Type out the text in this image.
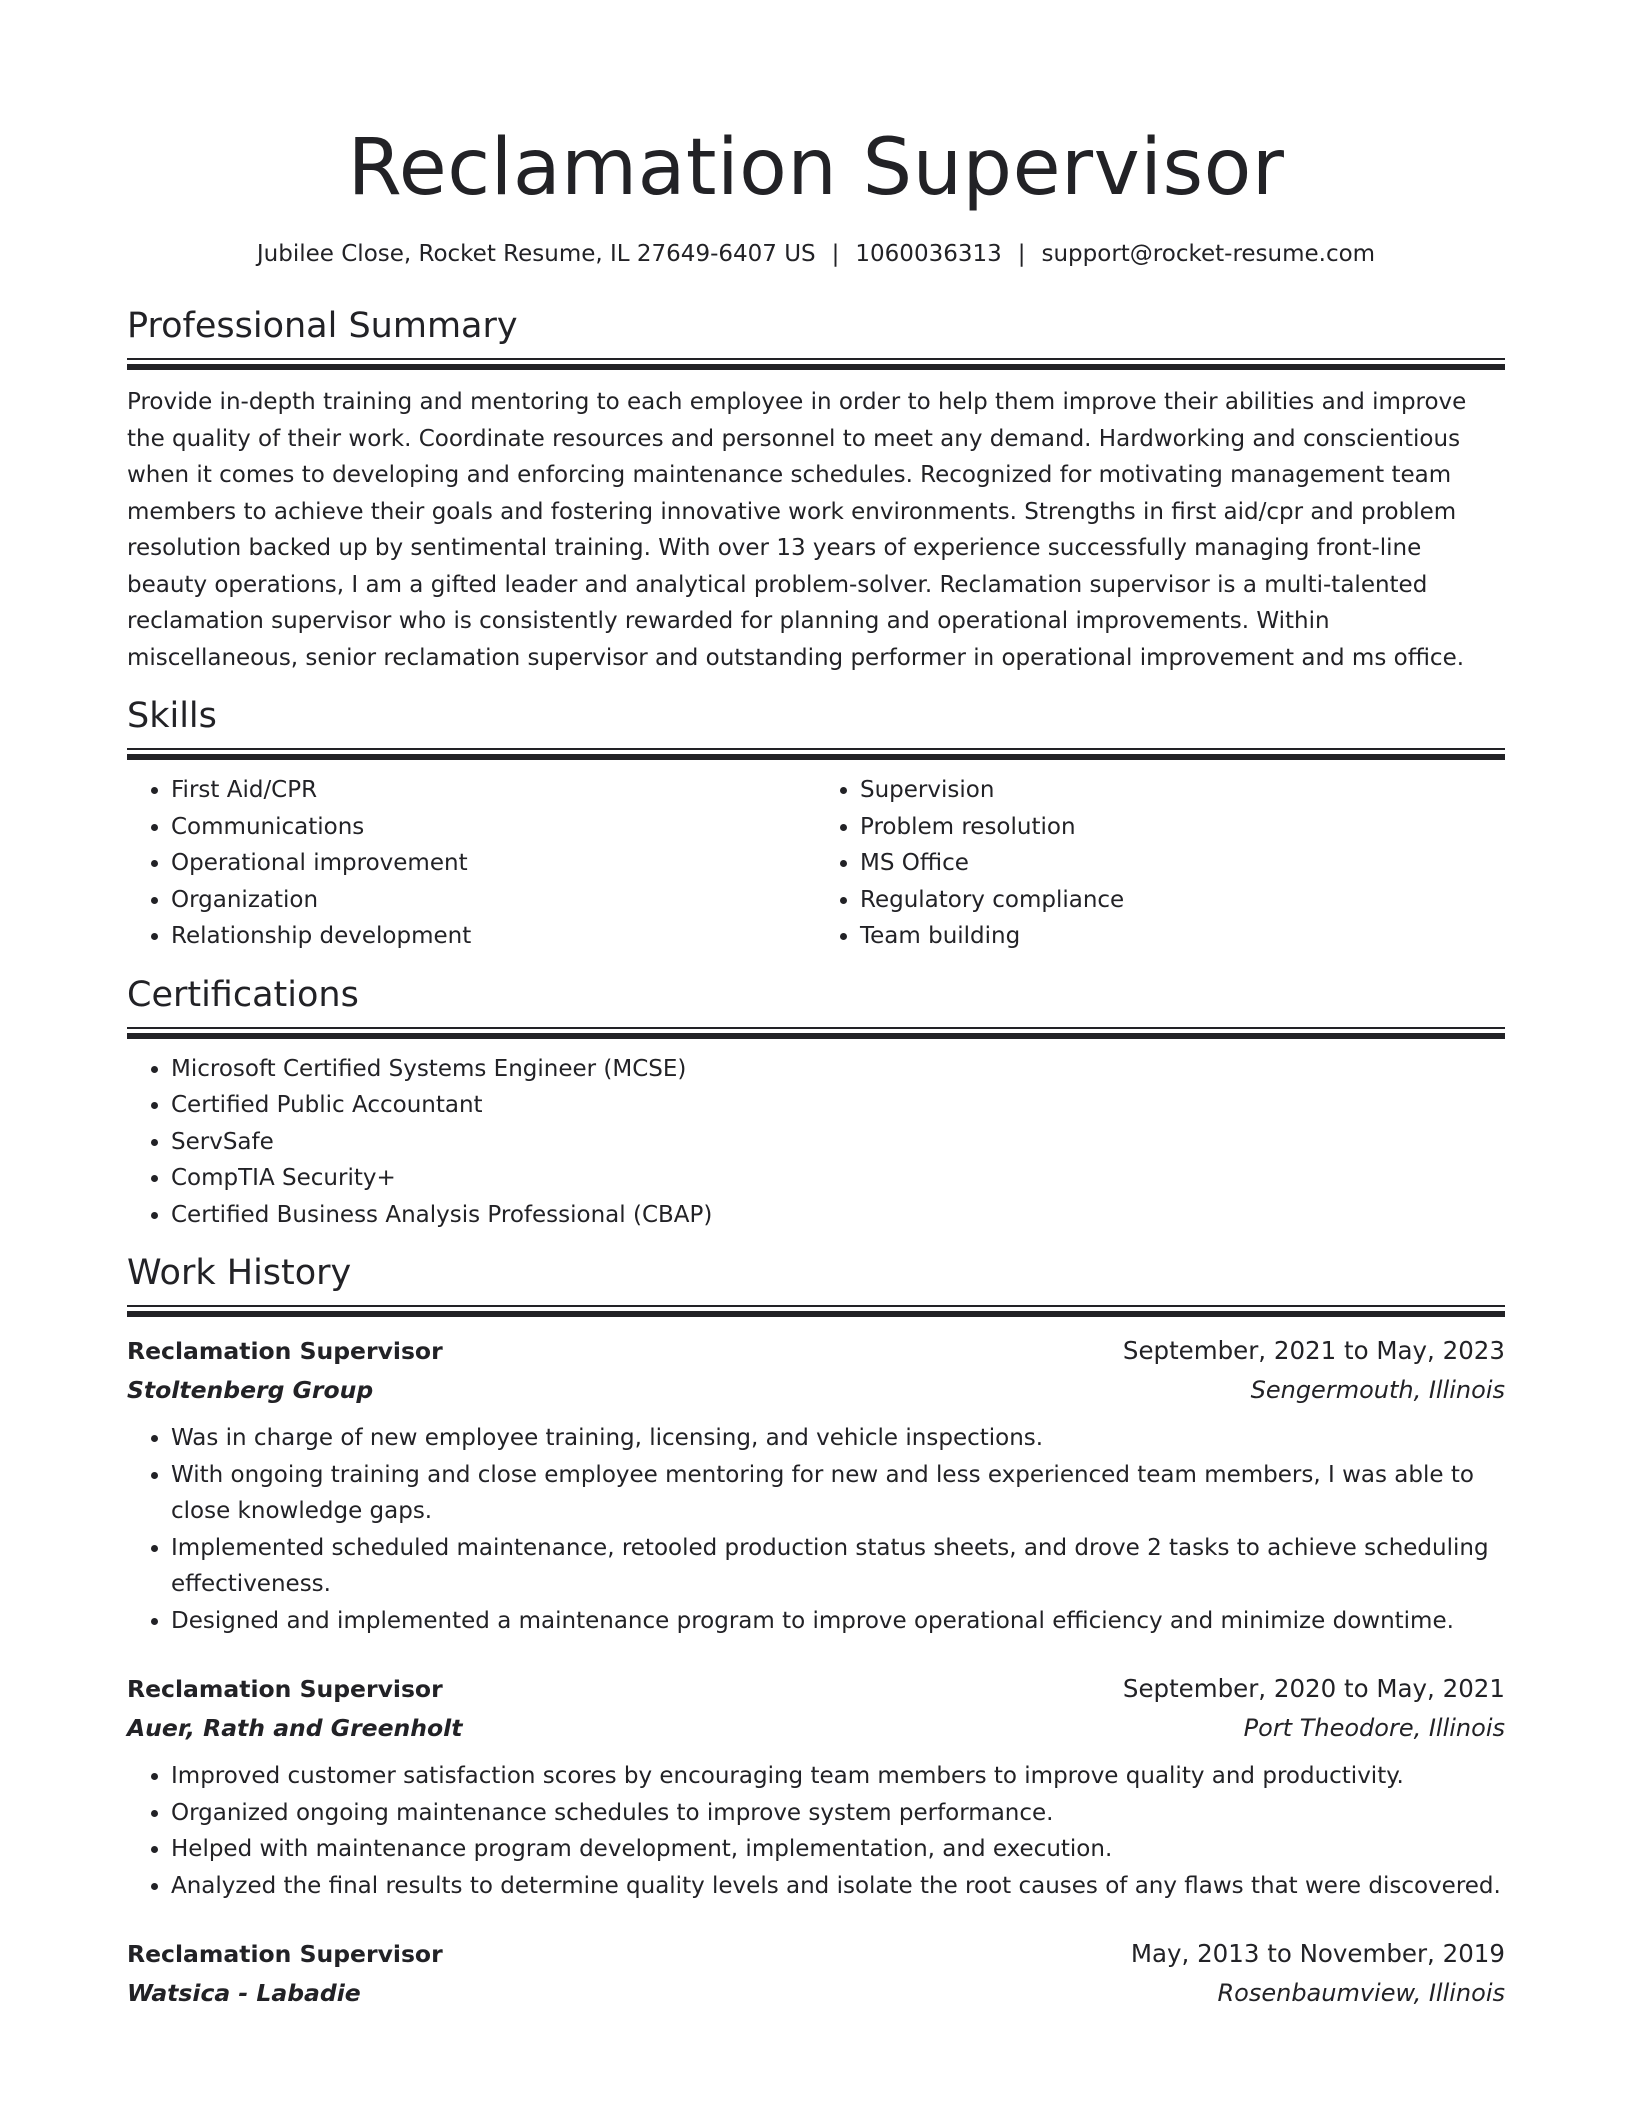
Reclamation Supervisor
Jubilee Close, Rocket Resume, IL 27649-6407 US | 1060036313 | support@rocket-resume.com
Professional Summary

Provide in-depth training and mentoring to each employee in order to help them improve their abilities and improve the quality of their work. Coordinate resources and personnel to meet any demand. Hardworking and conscientious when it comes to developing and enforcing maintenance schedules. Recognized for motivating management team members to achieve their goals and fostering innovative work environments. Strengths in first aid/cpr and problem resolution backed up by sentimental training. With over 13 years of experience successfully managing front-line beauty operations, I am a gifted leader and analytical problem-solver. Reclamation supervisor is a multi-talented reclamation supervisor who is consistently rewarded for planning and operational improvements. Within miscellaneous, senior reclamation supervisor and outstanding performer in operational improvement and ms office.

Skills
• First Aid/CPR
• Communications
• Operational improvement
• Organization
• Relationship development
• Supervision
• Problem resolution
• MS Office
• Regulatory compliance
• Team building
Certifications
• Microsoft Certified Systems Engineer (MCSE)
• Certified Public Accountant
• ServSafe
• CompTIA Security+
• Certified Business Analysis Professional (CBAP)
Work History
Reclamation Supervisor	September, 2021 to May, 2023
Stoltenberg Group	Sengermouth, Illinois
• Was in charge of new employee training, licensing, and vehicle inspections.
• With ongoing training and close employee mentoring for new and less experienced team members, I was able to close knowledge gaps.
• Implemented scheduled maintenance, retooled production status sheets, and drove 2 tasks to achieve scheduling effectiveness.
• Designed and implemented a maintenance program to improve operational efficiency and minimize downtime.
Reclamation Supervisor	September, 2020 to May, 2021
Auer, Rath and Greenholt	Port Theodore, Illinois
• Improved customer satisfaction scores by encouraging team members to improve quality and productivity.
• Organized ongoing maintenance schedules to improve system performance.
• Helped with maintenance program development, implementation, and execution.
• Analyzed the final results to determine quality levels and isolate the root causes of any flaws that were discovered.
Reclamation Supervisor	May, 2013 to November, 2019
Watsica - Labadie	Rosenbaumview, Illinois
